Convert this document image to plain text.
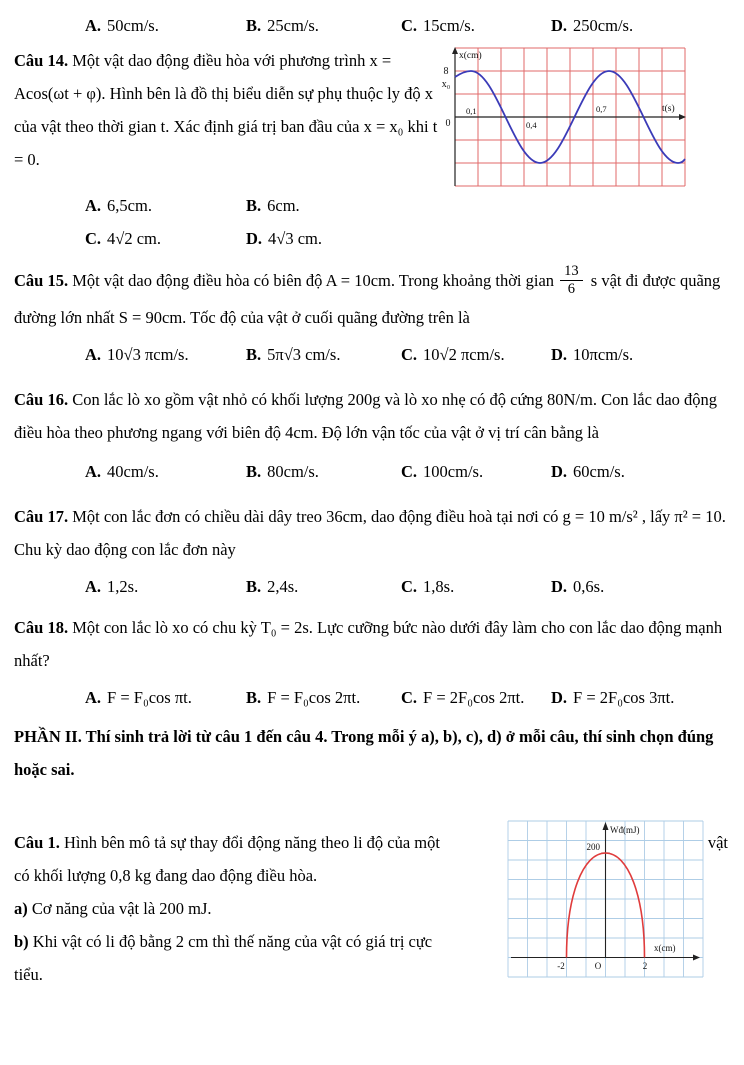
A. 50cm/s.	B. 25cm/s.	C. 15cm/s.	D. 250cm/s.
x(cm)
8
x₀
0
0,1
0,4
0,7	t(s)
Câu 14. Một vật dao động điều hòa với phương trình x = Acos(ωt + φ). Hình bên là đồ thị biểu diễn sự phụ thuộc ly độ x của vật theo thời gian t. Xác định giá trị ban đầu của x = x₀ khi t = 0.
A. 6,5cm.	B. 6cm.
C. 4√2 cm.	D. 4√3 cm.
Câu 15. Một vật dao động điều hòa có biên độ A = 10cm. Trong khoảng thời gian $\frac{13}{6}$ s vật đi được quãng đường lớn nhất S = 90cm. Tốc độ của vật ở cuối quãng đường trên là
A. 10√3 πcm/s.	B. 5π√3 cm/s.	C. 10√2 πcm/s.	D. 10πcm/s.
Câu 16. Con lắc lò xo gồm vật nhỏ có khối lượng 200g và lò xo nhẹ có độ cứng 80N/m. Con lắc dao động điều hòa theo phương ngang với biên độ 4cm. Độ lớn vận tốc của vật ở vị trí cân bằng là
A. 40cm/s.	B. 80cm/s.	C. 100cm/s.	D. 60cm/s.
Câu 17. Một con lắc đơn có chiều dài dây treo 36cm, dao động điều hoà tại nơi có g = 10 m/s² , lấy π² = 10. Chu kỳ dao động con lắc đơn này
A. 1,2s.	B. 2,4s.	C. 1,8s.	D. 0,6s.
Câu 18. Một con lắc lò xo có chu kỳ T₀ = 2s. Lực cưỡng bức nào dưới đây làm cho con lắc dao động mạnh nhất?
A. F = F₀cos πt.	B. F = F₀cos 2πt.	C. F = 2F₀cos 2πt.	D. F = 2F₀cos 3πt.
PHẦN II. Thí sinh trả lời từ câu 1 đến câu 4. Trong mỗi ý a), b), c), d) ở mỗi câu, thí sinh chọn đúng hoặc sai.
Wđ(mJ)
200
x(cm)
-2	O	2
vật
Câu 1. Hình bên mô tả sự thay đổi động năng theo li độ của một
có khối lượng 0,8 kg đang dao động điều hòa.
a) Cơ năng của vật là 200 mJ.
b) Khi vật có li độ bằng 2 cm thì thế năng của vật có giá trị cực
tiểu.
